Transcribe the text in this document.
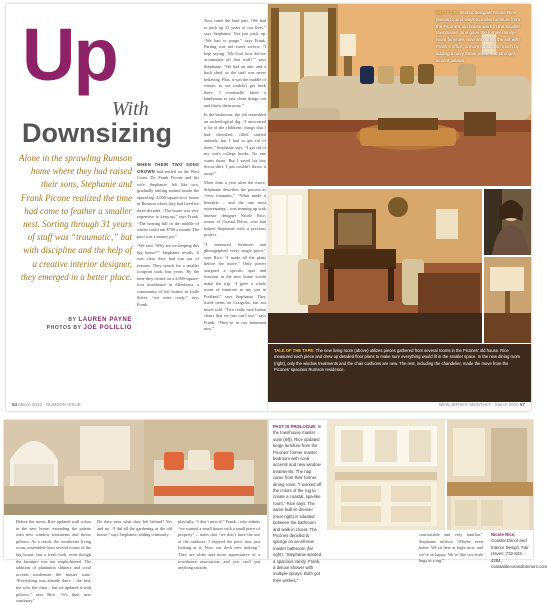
Up
With
Downsizing
Alone in the sprawling Rumson home where they had raised their sons, Stephanie and Frank Picone realized the time had come to feather a smaller nest. Sorting through 31 years of stuff was “traumatic,” but with discipline and the help of a creative interior designer, they emerged in a better place.
BY LAUREN PAYNE
PHOTOS BY JOE POLILLIO

WHEN THEIR TWO SONS GROWN and settled on the West Coast, Dr. Frank Picone and his wife, Stephanie, felt like two, gradually rattling around inside the sprawling 4,000-square-foot house in Rumson where they had lived for three decades. “The house was very expensive to keep up,” says Frank. “The heating bill in the middle of winter could run $700 a month. The pool was a money pit.”

“We said, ‘Why are we keeping this big house?’” Stephanie recalls. It was clear they had run out of reasons. They search for a smaller footprint took four years. By the time they closed on a 2,800-square-foot townhouse in Allenhurst, a community of loft homes in Little Silver, “we were ready,” says Frank.

Now came the hard part. “We had to pack up 31 years of our lives,” says Stephanie. Not just pack up. “We had to purge,” says Frank. Parting was not sweet sorrow. “I kept saying, ‘My God, how did we accumulate all that stuff?’” says Stephanie. “We had an attic and a back shed, so the stuff was never behaving. Plus, it was the middle of winter, so we couldn’t get back there. I eventually hired a handyman to just clean things out and throw them away.”

In the bedrooms, the job resembled an archeological dig. “I uncovered a lot of the childrens’ things that I had cherished, filled stuffed animals, but I had to get rid of them,” Stephanie says. “I got rid of my son’s college books. No one wants those. But I saved his boy Scout shirt. I just couldn’t throw it away!”

More than a year after the move, Stephanie describes the process as “very traumatic.” “What made it bearable – and the one most rejuvenating – was teaming up with interior designer Nicole Rice, owner of Coastal Décor, who had helped Stephanie with a previous project.

“I measured furniture and photographed every single piece,” says Rice. “I made all the plans before the move.” Only pieces assigned a specific spot and function in the new home would make the trip. “I gave a whole room of furniture to my son in Portland,” says Stephanie. They listed items on Craigslist, but not much sold. “Two really nice Italian chairs that we just can’t use,” says Frank. “They’re in our basement now.”

54 March 2010 · RUMSON ISSUE
MIX IT UP: Interior designer Nicole Rice (below) found ways to make furniture from the Picone’s old house work in the smaller townhouse. She gave the former family-room furniture, now anchoring the loft with Frank’s office, a more masculine touch by adding a navy throw pillow and stronger accent pillows.
TALE OF THE TAPE: The new living room (above) utilizes pieces gathered from several rooms in the Picones’ old house. Rice measured each piece and drew up detailed floor plans to make sure everything would fit in the smaller space. In the new dining room (right), only the window treatments and the chair cushions are new. The rest, including the chandelier, made the move from the Picones’ spacious Rumson residence.
NEW JERSEY MONTHLY · March 2010 57
Before the move, Rice updated wall colors in the new home, extending the palette with new window treatments and throw pillows. As a result, the townhouse living room, assembled from several rooms of the big house, has a fresh look, even though the furniture was not reupholstered. The addition of plantation shutters and coral accents modernize the master suite. “Everything was already there – the bed, the sofa, the chair – but we updated it with pillows,” says Rice. “It’s their new sanctuary.”
Do they miss what they left behind? Yes and no. “I did all the gardening at the old house,” says Stephanie, adding crimsonly.
playfully, “I don’t miss it!” Frank – who admits “we wanted a small house with a small piece of property” – notes that “we don’t have the use of the outdoors. I enjoyed the pool, now just looking at it. Now, our deck sees nothing.” They are older and more appreciative of a townhouse association, and you can’t put anything outside.
PAST IS PROLOGUE: In the townhouse master suite (left), Rice updated beige furniture from the Picones’ former master bedroom with coral accents and new window treatments. The nap came from their former dining room. “I worked off the colors of the rug to create a coastal, spa-like room,” Rice says. The same built-in dresser (near right) is situated between the bathroom and walk-in closet. The Picones decided to splurge on an all-new master bathroom (far right). “Stephanie wanted a spacious vanity. Frank, a deluxe shower with multiple sprays. Both got their wishes.”
comfortable and very familiar,” Stephanie reflects. “Maybe even better. We sit here at night now, and we’re so happy. We’re like two little bugs in a rug.”
Nicole Rice, Coastal Décor and Interior Design, Fair Haven; 732-842-4284, coastaldecorandinteriors.com
